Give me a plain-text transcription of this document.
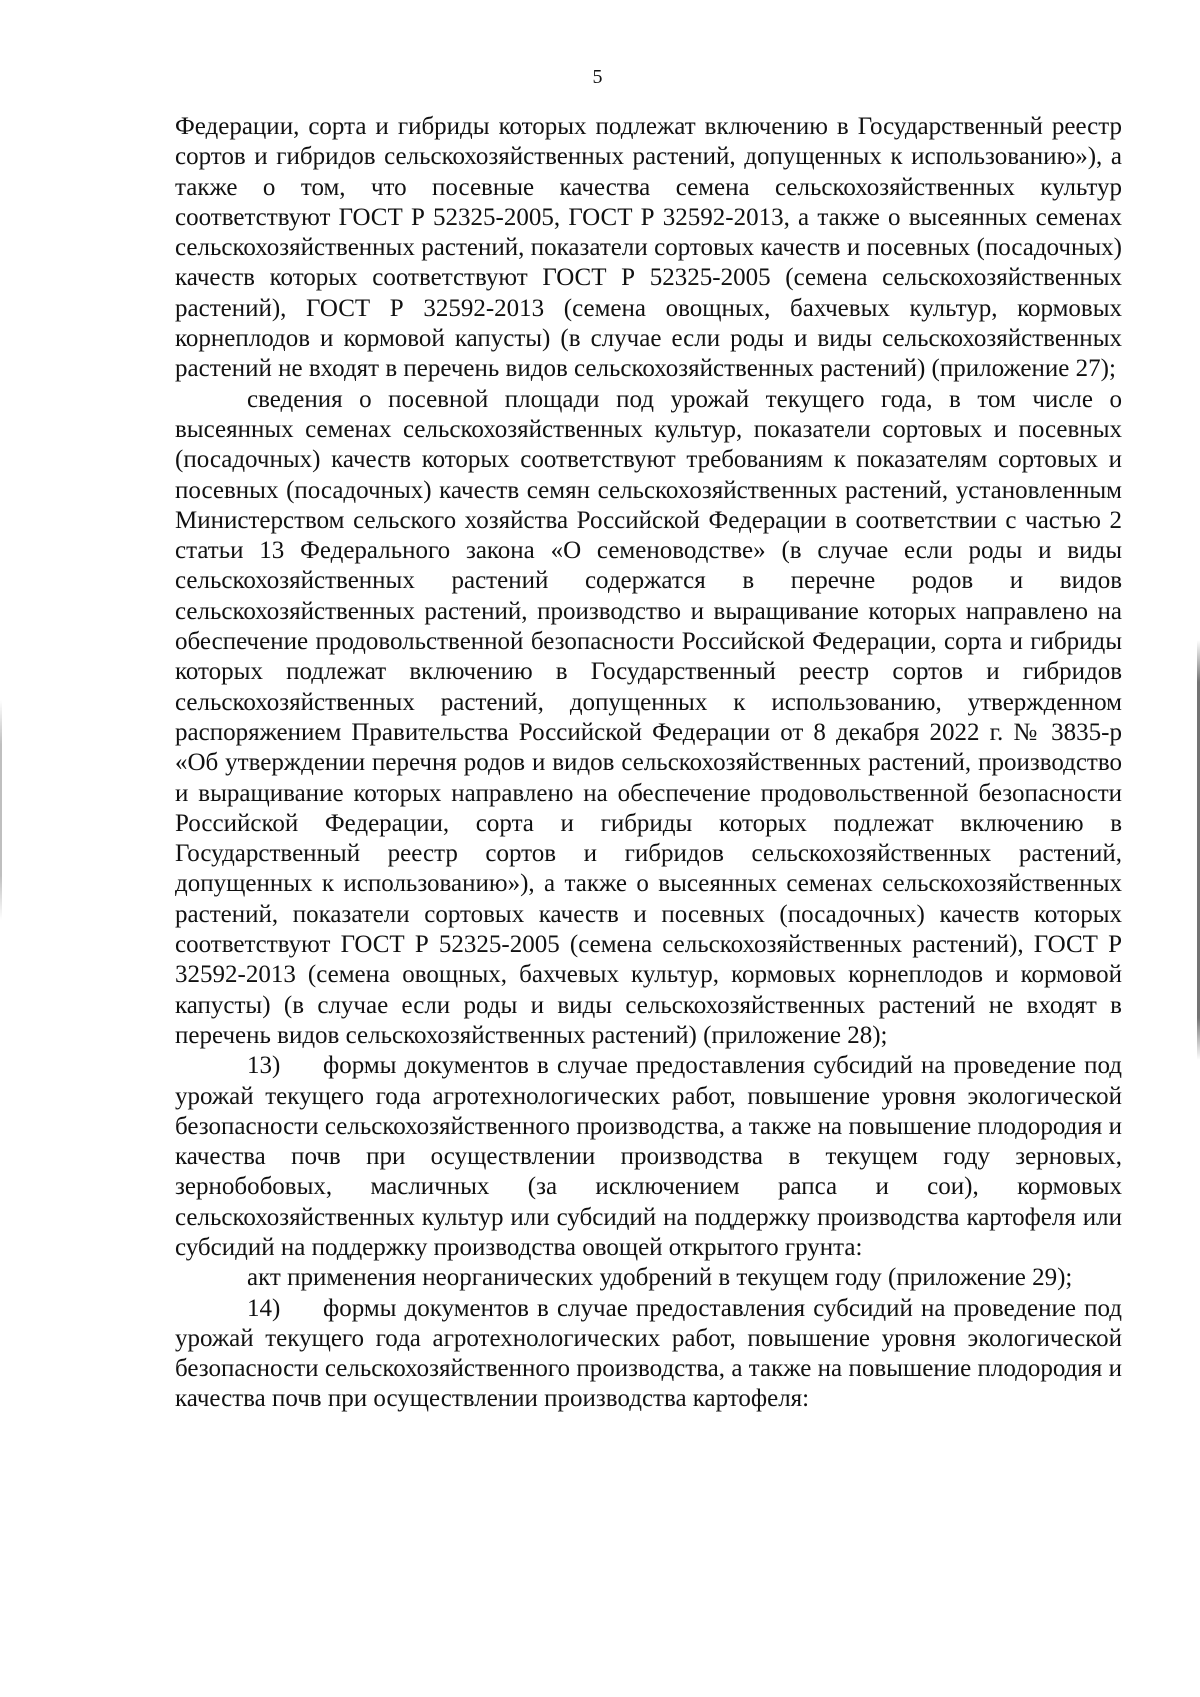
5

Федерации, сорта и гибриды которых подлежат включению в Государственный реестр сортов и гибридов сельскохозяйственных растений, допущенных к использованию»), а также о том, что посевные качества семена сельскохозяйственных культур соответствуют ГОСТ Р 52325-2005, ГОСТ Р 32592-2013, а также о высеянных семенах сельскохозяйственных растений, показатели сортовых качеств и посевных (посадочных) качеств которых соответствуют ГОСТ Р 52325-2005 (семена сельскохозяйственных растений), ГОСТ Р 32592-2013 (семена овощных, бахчевых культур, кормовых корнеплодов и кормовой капусты) (в случае если роды и виды сельскохозяйственных растений не входят в перечень видов сельскохозяйственных растений) (приложение 27);

сведения о посевной площади под урожай текущего года, в том числе о высеянных семенах сельскохозяйственных культур, показатели сортовых и посевных (посадочных) качеств которых соответствуют требованиям к показателям сортовых и посевных (посадочных) качеств семян сельскохозяйственных растений, установленным Министерством сельского хозяйства Российской Федерации в соответствии с частью 2 статьи 13 Федерального закона «О семеноводстве» (в случае если роды и виды сельскохозяйственных растений содержатся в перечне родов и видов сельскохозяйственных растений, производство и выращивание которых направлено на обеспечение продовольственной безопасности Российской Федерации, сорта и гибриды которых подлежат включению в Государственный реестр сортов и гибридов сельскохозяйственных растений, допущенных к использованию, утвержденном распоряжением Правительства Российской Федерации от 8 декабря 2022 г. № 3835-р «Об утверждении перечня родов и видов сельскохозяйственных растений, производство и выращивание которых направлено на обеспечение продовольственной безопасности Российской Федерации, сорта и гибриды которых подлежат включению в Государственный реестр сортов и гибридов сельскохозяйственных растений, допущенных к использованию»), а также о высеянных семенах сельскохозяйственных растений, показатели сортовых качеств и посевных (посадочных) качеств которых соответствуют ГОСТ Р 52325-2005 (семена сельскохозяйственных растений), ГОСТ Р 32592-2013 (семена овощных, бахчевых культур, кормовых корнеплодов и кормовой капусты) (в случае если роды и виды сельскохозяйственных растений не входят в перечень видов сельскохозяйственных растений) (приложение 28);

13) формы документов в случае предоставления субсидий на проведение под урожай текущего года агротехнологических работ, повышение уровня экологической безопасности сельскохозяйственного производства, а также на повышение плодородия и качества почв при осуществлении производства в текущем году зерновых, зернобобовых, масличных (за исключением рапса и сои), кормовых сельскохозяйственных культур или субсидий на поддержку производства картофеля или субсидий на поддержку производства овощей открытого грунта:

акт применения неорганических удобрений в текущем году (приложение 29);

14) формы документов в случае предоставления субсидий на проведение под урожай текущего года агротехнологических работ, повышение уровня экологической безопасности сельскохозяйственного производства, а также на повышение плодородия и качества почв при осуществлении производства картофеля:
